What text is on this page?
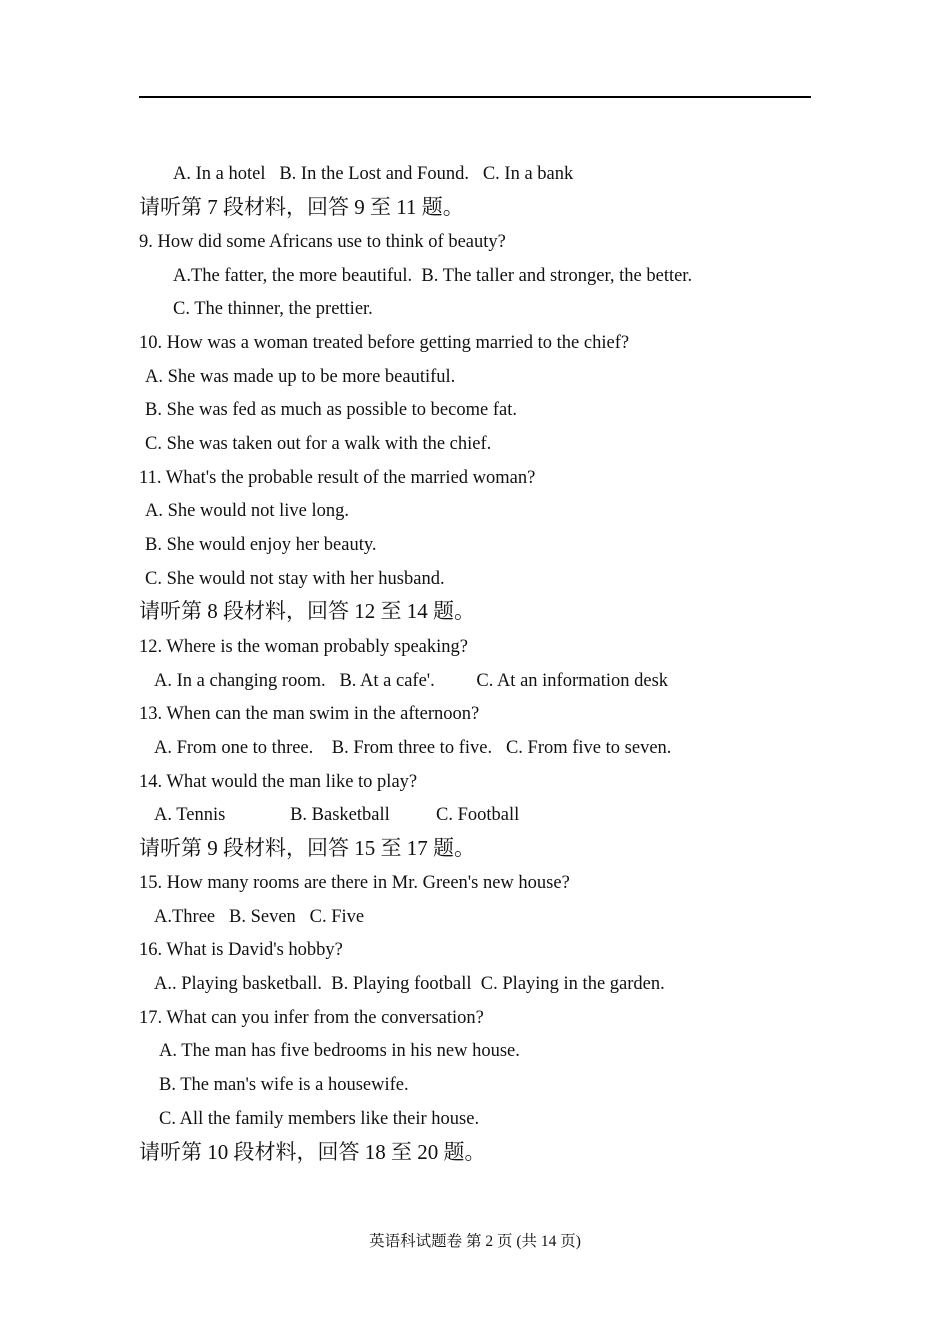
A. In a hotel   B. In the Lost and Found.   C. In a bank
请听第 7 段材料，回答 9 至 11 题。
9. How did some Africans use to think of beauty?
A.The fatter, the more beautiful.  B. The taller and stronger, the better.
C. The thinner, the prettier.
10. How was a woman treated before getting married to the chief?
A. She was made up to be more beautiful.
B. She was fed as much as possible to become fat.
C. She was taken out for a walk with the chief.
11. What's the probable result of the married woman?
A. She would not live long.
B. She would enjoy her beauty.
C. She would not stay with her husband.
请听第 8 段材料，回答 12 至 14 题。
12. Where is the woman probably speaking?
A. In a changing room.   B. At a cafe'.         C. At an information desk
13. When can the man swim in the afternoon?
A. From one to three.    B. From three to five.   C. From five to seven.
14. What would the man like to play?
A. Tennis              B. Basketball          C. Football
请听第 9 段材料，回答 15 至 17 题。
15. How many rooms are there in Mr. Green's new house?
A.Three   B. Seven   C. Five
16. What is David's hobby?
A.. Playing basketball.  B. Playing football  C. Playing in the garden.
17. What can you infer from the conversation?
A. The man has five bedrooms in his new house.
B. The man's wife is a housewife.
C. All the family members like their house.
请听第 10 段材料，回答 18 至 20 题。
英语科试题卷 第 2 页 (共 14 页)
